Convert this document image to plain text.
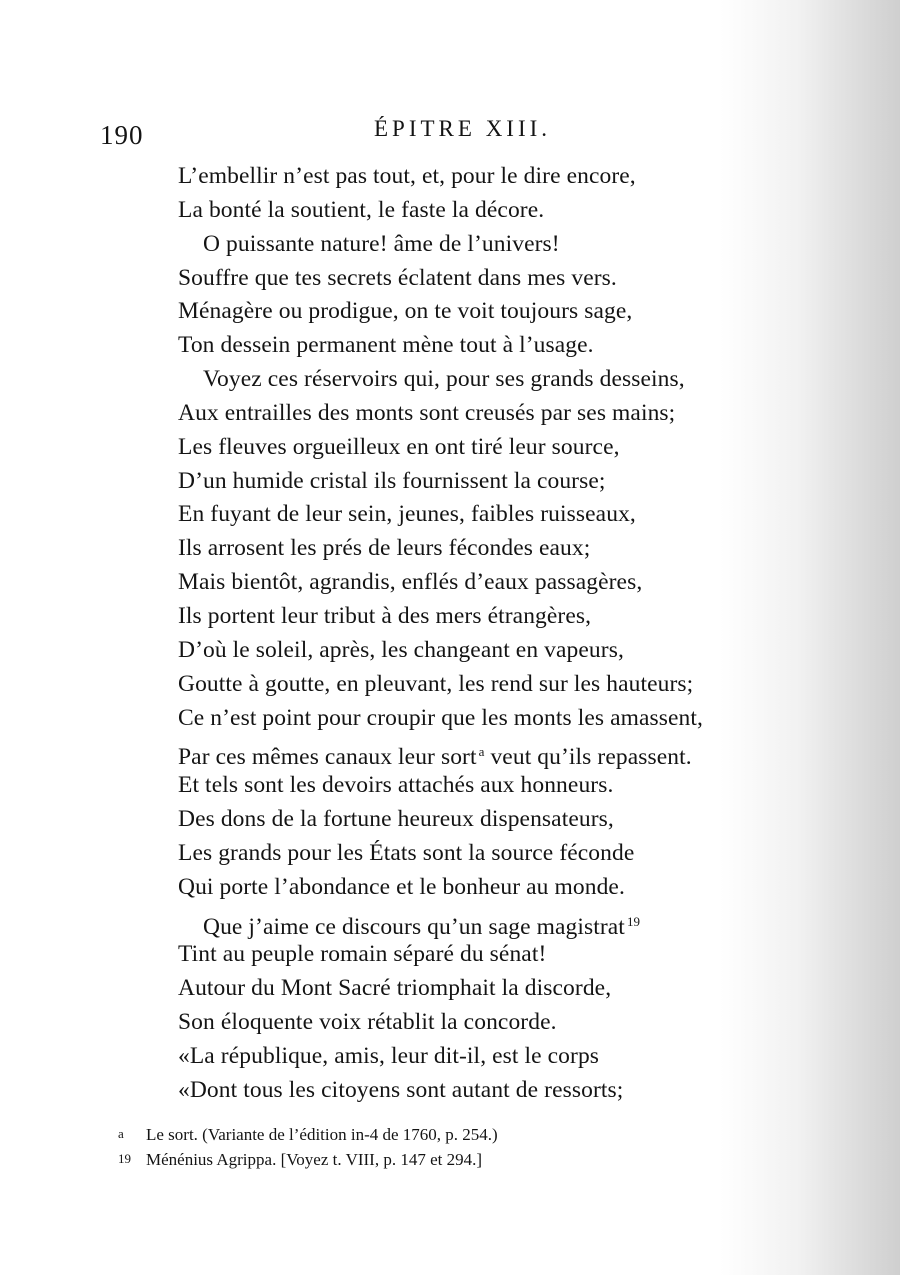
190	ÉPITRE XIII.
L’embellir n’est pas tout, et, pour le dire encore,
La bonté la soutient, le faste la décore.
O puissante nature! âme de l’univers!
Souffre que tes secrets éclatent dans mes vers.
Ménagère ou prodigue, on te voit toujours sage,
Ton dessein permanent mène tout à l’usage.
Voyez ces réservoirs qui, pour ses grands desseins,
Aux entrailles des monts sont creusés par ses mains;
Les fleuves orgueilleux en ont tiré leur source,
D’un humide cristal ils fournissent la course;
En fuyant de leur sein, jeunes, faibles ruisseaux,
Ils arrosent les prés de leurs fécondes eaux;
Mais bientôt, agrandis, enflés d’eaux passagères,
Ils portent leur tribut à des mers étrangères,
D’où le soleil, après, les changeant en vapeurs,
Goutte à goutte, en pleuvant, les rend sur les hauteurs;
Ce n’est point pour croupir que les monts les amassent,
Par ces mêmes canaux leur sort $^a$ veut qu’ils repassent.
Et tels sont les devoirs attachés aux honneurs.
Des dons de la fortune heureux dispensateurs,
Les grands pour les États sont la source féconde
Qui porte l’abondance et le bonheur au monde.
Que j’aime ce discours qu’un sage magistrat $^{19}$
Tint au peuple romain séparé du sénat!
Autour du Mont Sacré triomphait la discorde,
Son éloquente voix rétablit la concorde.
«La république, amis, leur dit-il, est le corps
«Dont tous les citoyens sont autant de ressorts;
a Le sort. (Variante de l’édition in-4 de 1760, p. 254.)
19 Ménénius Agrippa. [Voyez t. VIII, p. 147 et 294.]
